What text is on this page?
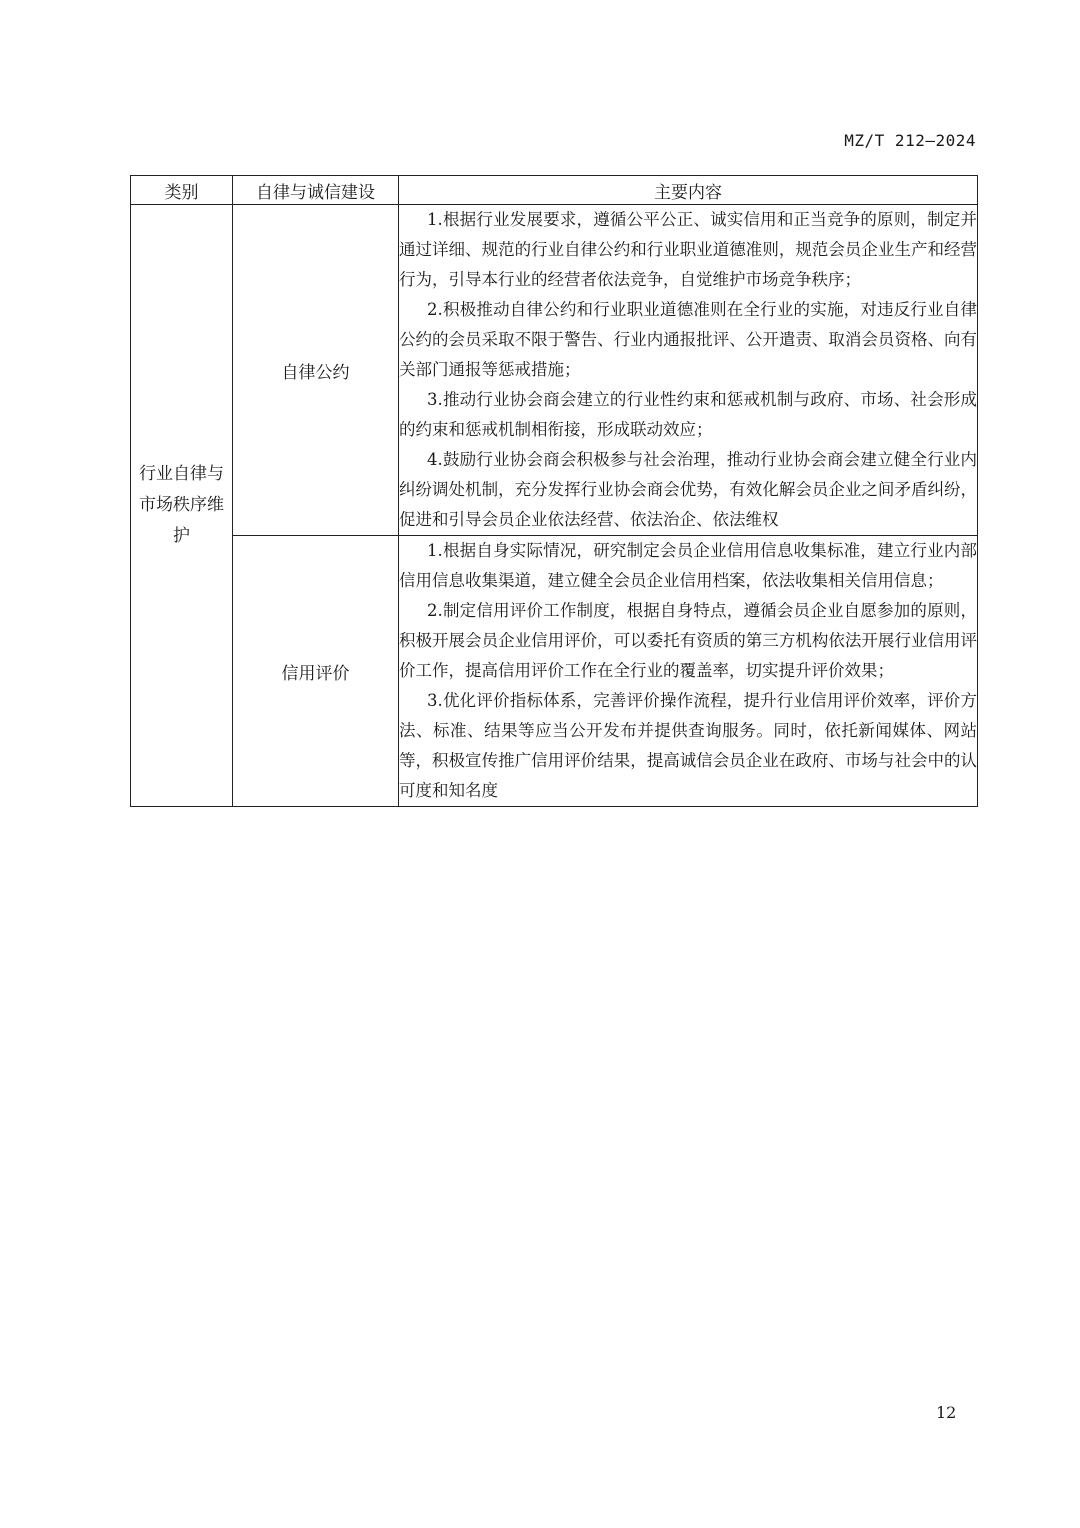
MZ/T 212—2024
类别	自律与诚信建设	主要内容
行业自律与市场秩序维护	自律公约	1.根据行业发展要求，遵循公平公正、诚实信用和正当竞争的原则，制定并通过详细、规范的行业自律公约和行业职业道德准则，规范会员企业生产和经营行为，引导本行业的经营者依法竞争，自觉维护市场竞争秩序；

2.积极推动自律公约和行业职业道德准则在全行业的实施，对违反行业自律公约的会员采取不限于警告、行业内通报批评、公开遣责、取消会员资格、向有关部门通报等惩戒措施；

3.推动行业协会商会建立的行业性约束和惩戒机制与政府、市场、社会形成的约束和惩戒机制相衔接，形成联动效应；

4.鼓励行业协会商会积极参与社会治理，推动行业协会商会建立健全行业内纠纷调处机制，充分发挥行业协会商会优势，有效化解会员企业之间矛盾纠纷，促进和引导会员企业依法经营、依法治企、依法维权

	信用评价	1.根据自身实际情况，研究制定会员企业信用信息收集标准，建立行业内部信用信息收集渠道，建立健全会员企业信用档案，依法收集相关信用信息；

2.制定信用评价工作制度，根据自身特点，遵循会员企业自愿参加的原则，积极开展会员企业信用评价，可以委托有资质的第三方机构依法开展行业信用评价工作，提高信用评价工作在全行业的覆盖率，切实提升评价效果；

3.优化评价指标体系，完善评价操作流程，提升行业信用评价效率，评价方法、标准、结果等应当公开发布并提供查询服务。同时，依托新闻媒体、网站等，积极宣传推广信用评价结果，提高诚信会员企业在政府、市场与社会中的认可度和知名度

12
